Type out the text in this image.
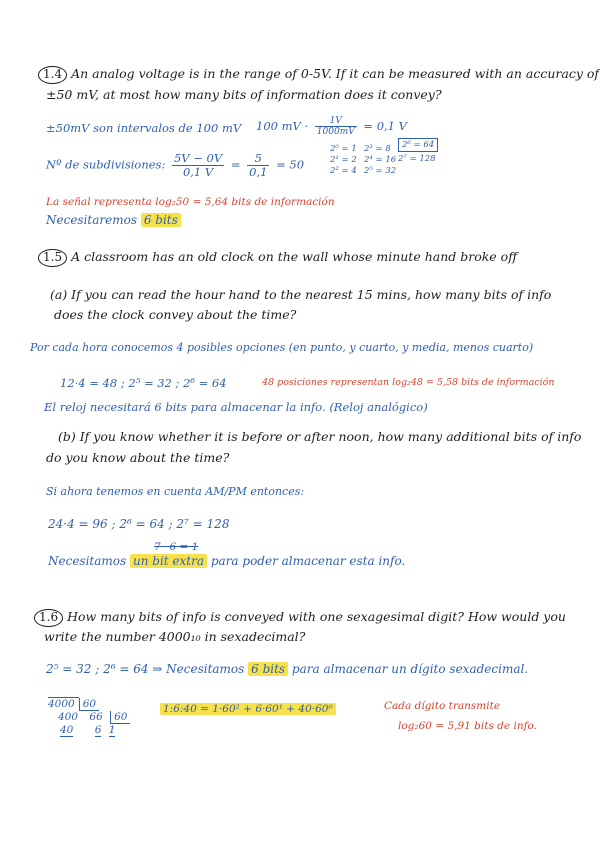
1.4 An analog voltage is in the range of 0-5V. If it can be measured with an accuracy of
±50 mV, at most how many bits of information does it convey?
±50mV son intervalos de 100 mV 100 mV · $\frac{1V}{1000mV} = 0,1$ V
Nº de subdivisiones: $\frac{5V - 0V}{0,1 V} = \frac{5}{0,1} = 50$
2⁰ = 1
2¹ = 2
2² = 4
2³ = 8
2⁴ = 16
2⁵ = 32
2⁶ = 64
2⁷ = 128
La señal representa log₂50 = 5,64 bits de información
Necesitaremos 6 bits
1.5 A classroom has an old clock on the wall whose minute hand broke off
(a) If you can read the hour hand to the nearest 15 mins, how many bits of info
does the clock convey about the time?
Por cada hora conocemos 4 posibles opciones (en punto, y cuarto, y media, menos cuarto)
12·4 = 48 ; 2⁵ = 32 ; 2⁶ = 64	48 posiciones representan log₂48 = 5,58 bits de información
El reloj necesitará 6 bits para almacenar la info. (Reloj analógico)
(b) If you know whether it is before or after noon, how many additional bits of info
do you know about the time?
Si ahora tenemos en cuenta AM/PM entonces:
24·4 = 96 ; 2⁶ = 64 ; 2⁷ = 128
7−6 = 1
Necesitamos un bit extra para poder almacenar esta info.
1.6 How many bits of info is conveyed with one sexagesimal digit? How would you
write the number 4000₁₀ in sexadecimal?
2⁵ = 32 ; 2⁶ = 64 ⇒ Necesitamos 6 bits para almacenar un dígito sexadecimal.
4000 60
400 66 60
40 6 1
1:6:40 = 1·60² + 6·60¹ + 40·60⁰	Cada dígito transmite
log₂60 = 5,91 bits de info.
